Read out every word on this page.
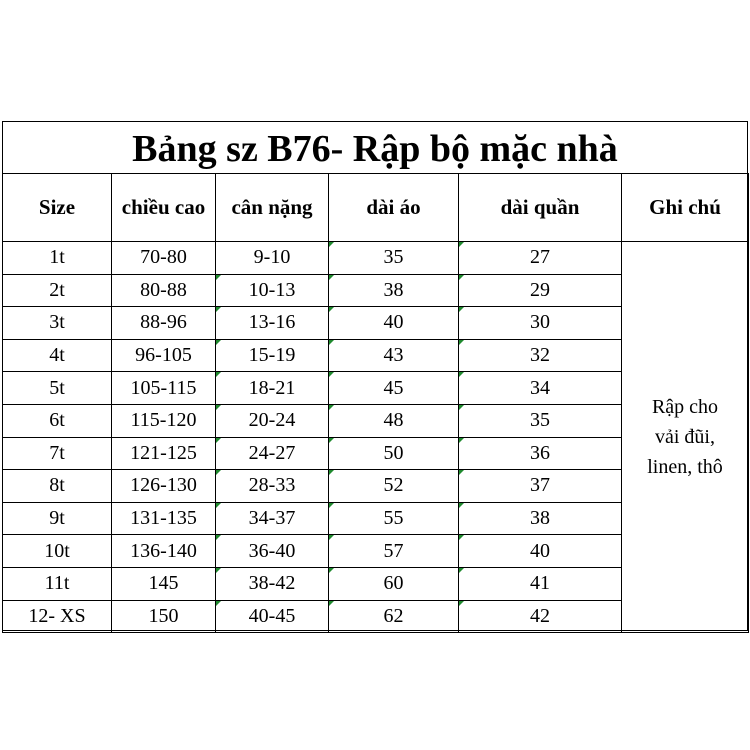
Bảng sz B76- Rập bộ mặc nhà
Size	chiều cao	cân nặng	dài áo	dài quần	Ghi chú
1t	70-80	9-10	35	27	Rập cho
vải đũi,
linen, thô

2t	80-88	10-13	38	29	
3t	88-96	13-16	40	30	
4t	96-105	15-19	43	32	
5t	105-115	18-21	45	34	
6t	115-120	20-24	48	35	
7t	121-125	24-27	50	36	
8t	126-130	28-33	52	37	
9t	131-135	34-37	55	38	
10t	136-140	36-40	57	40	
11t	145	38-42	60	41	
12- XS	150	40-45	62	42	
